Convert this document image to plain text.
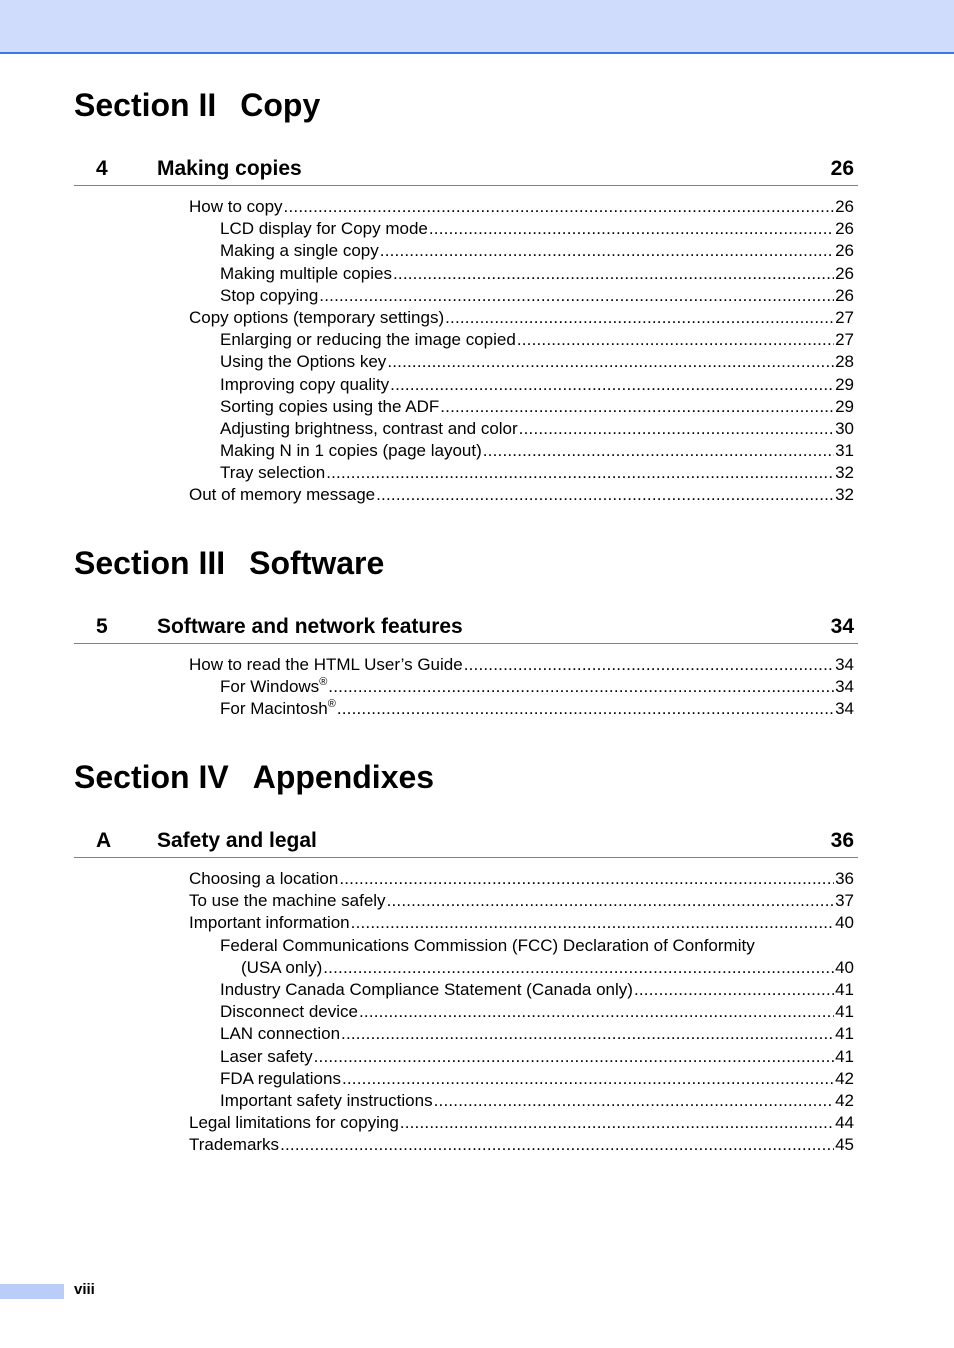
Section II Copy
4 Making copies	26
How to copy .....	26
LCD display for Copy mode .....	26
Making a single copy .....	26
Making multiple copies .....	26
Stop copying .....	26
Copy options (temporary settings) .....	27
Enlarging or reducing the image copied .....	27
Using the Options key .....	28
Improving copy quality .....	29
Sorting copies using the ADF .....	29
Adjusting brightness, contrast and color .....	30
Making N in 1 copies (page layout) .....	31
Tray selection .....	32
Out of memory message .....	32
Section III Software
5 Software and network features	34
How to read the HTML User’s Guide .....	34
For Windows® .....	34
For Macintosh® .....	34
Section IV Appendixes
A Safety and legal	36
Choosing a location .....	36
To use the machine safely .....	37
Important information .....	40
Federal Communications Commission (FCC) Declaration of Conformity
(USA only) .....	40
Industry Canada Compliance Statement (Canada only) .....	41
Disconnect device .....	41
LAN connection .....	41
Laser safety .....	41
FDA regulations .....	42
Important safety instructions .....	42
Legal limitations for copying .....	44
Trademarks .....	45
viii
